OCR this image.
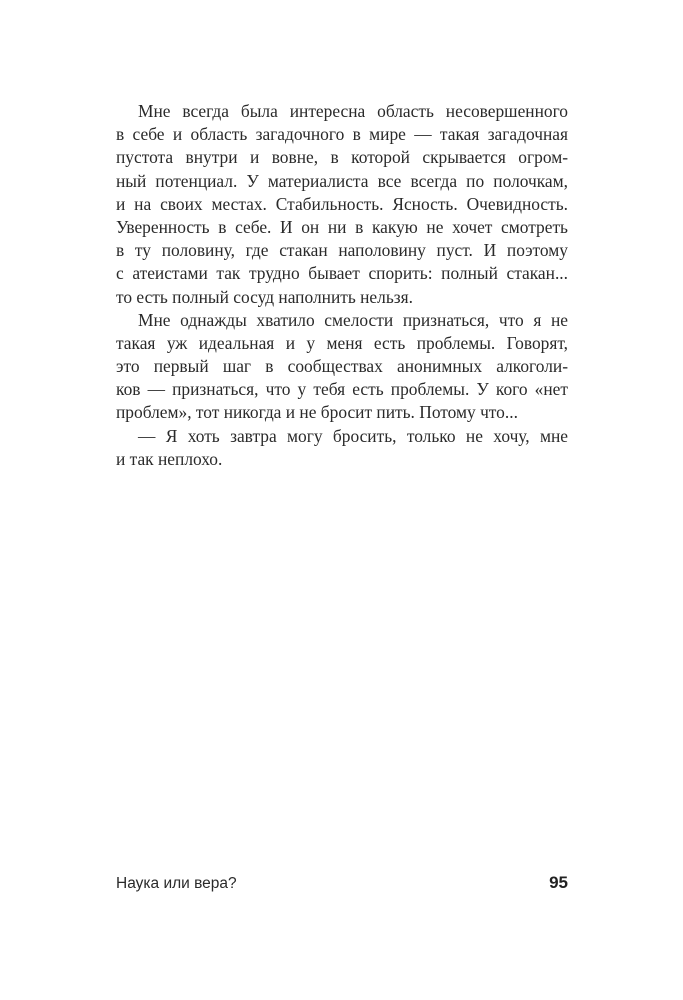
Мне всегда была интересна область несовершенного
в себе и область загадочного в мире — такая загадочная
пустота внутри и вовне, в которой скрывается огром-
ный потенциал. У материалиста все всегда по полочкам,
и на своих местах. Стабильность. Ясность. Очевидность.
Уверенность в себе. И он ни в какую не хочет смотреть
в ту половину, где стакан наполовину пуст. И поэтому
с атеистами так трудно бывает спорить: полный стакан...
то есть полный сосуд наполнить нельзя.
Мне однажды хватило смелости признаться, что я не
такая уж идеальная и у меня есть проблемы. Говорят,
это первый шаг в сообществах анонимных алкоголи-
ков — признаться, что у тебя есть проблемы. У кого «нет
проблем», тот никогда и не бросит пить. Потому что...
— Я хоть завтра могу бросить, только не хочу, мне
и так неплохо.
Наука или вера?	95
